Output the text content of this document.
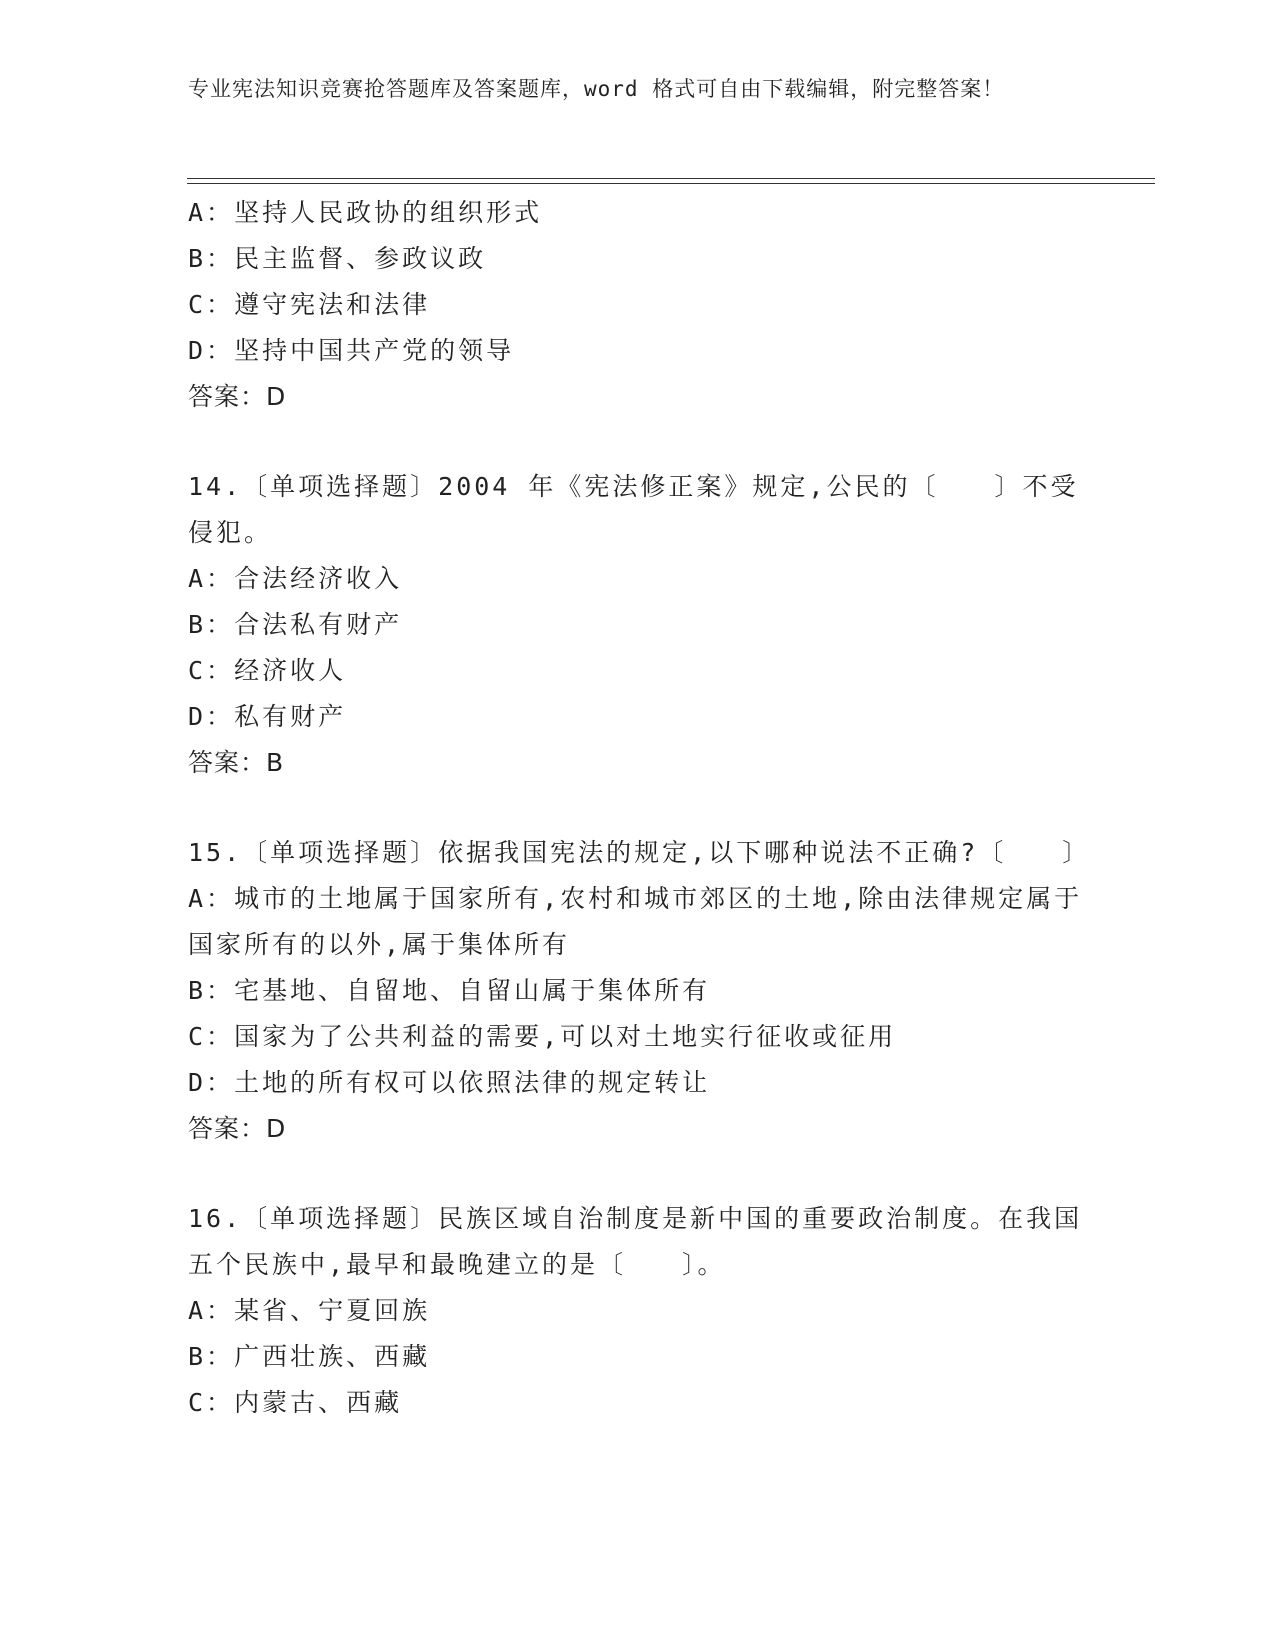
专业宪法知识竞赛抢答题库及答案题库，word 格式可自由下载编辑，附完整答案！
A：坚持人民政协的组织形式
B：民主监督、参政议政
C：遵守宪法和法律
D：坚持中国共产党的领导
答案：D
14.〔单项选择题〕2004 年《宪法修正案》规定,公民的〔　　〕不受侵犯。
A：合法经济收入
B：合法私有财产
C：经济收人
D：私有财产
答案：B
15.〔单项选择题〕依据我国宪法的规定,以下哪种说法不正确?〔　　〕
A：城市的土地属于国家所有,农村和城市郊区的土地,除由法律规定属于国家所有的以外,属于集体所有
B：宅基地、自留地、自留山属于集体所有
C：国家为了公共利益的需要,可以对土地实行征收或征用
D：土地的所有权可以依照法律的规定转让
答案：D
16.〔单项选择题〕民族区域自治制度是新中国的重要政治制度。在我国五个民族中,最早和最晚建立的是〔　　〕。
A：某省、宁夏回族
B：广西壮族、西藏
C：内蒙古、西藏
